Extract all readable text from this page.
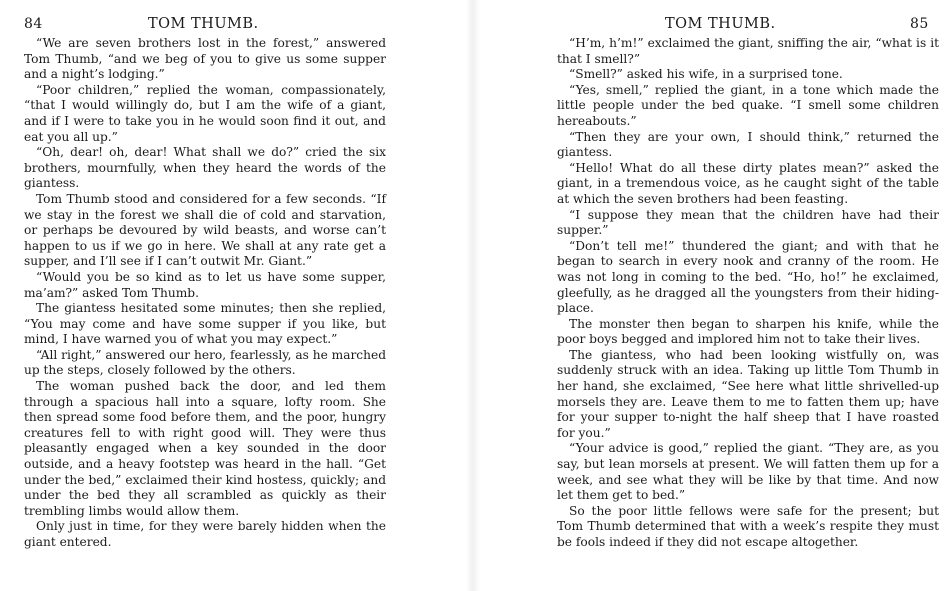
84	TOM THUMB.

“We are seven brothers lost in the forest,” answered Tom Thumb, “and we beg of you to give us some supper and a night’s lodging.”

“Poor children,” replied the woman, compassionately, “that I would willingly do, but I am the wife of a giant, and if I were to take you in he would soon find it out, and eat you all up.”

“Oh, dear! oh, dear! What shall we do?” cried the six brothers, mournfully, when they heard the words of the giantess.

Tom Thumb stood and considered for a few seconds. “If we stay in the forest we shall die of cold and starvation, or perhaps be devoured by wild beasts, and worse can’t happen to us if we go in here. We shall at any rate get a supper, and I’ll see if I can’t outwit Mr. Giant.”

“Would you be so kind as to let us have some supper, ma’am?” asked Tom Thumb.

The giantess hesitated some minutes; then she replied, “You may come and have some supper if you like, but mind, I have warned you of what you may expect.”

“All right,” answered our hero, fearlessly, as he marched up the steps, closely followed by the others.

The woman pushed back the door, and led them through a spacious hall into a square, lofty room. She then spread some food before them, and the poor, hungry creatures fell to with right good will. They were thus pleasantly engaged when a key sounded in the door outside, and a heavy footstep was heard in the hall. “Get under the bed,” exclaimed their kind hostess, quickly; and under the bed they all scrambled as quickly as their trembling limbs would allow them.

Only just in time, for they were barely hidden when the giant entered.

TOM THUMB.	85

“H’m, h’m!” exclaimed the giant, sniffing the air, “what is it that I smell?”

“Smell?” asked his wife, in a surprised tone.

“Yes, smell,” replied the giant, in a tone which made the little people under the bed quake. “I smell some children hereabouts.”

“Then they are your own, I should think,” returned the giantess.

“Hello! What do all these dirty plates mean?” asked the giant, in a tremendous voice, as he caught sight of the table at which the seven brothers had been feasting.

“I suppose they mean that the children have had their supper.”

“Don’t tell me!” thundered the giant; and with that he began to search in every nook and cranny of the room. He was not long in coming to the bed. “Ho, ho!” he exclaimed, gleefully, as he dragged all the youngsters from their hiding-place.

The monster then began to sharpen his knife, while the poor boys begged and implored him not to take their lives.

The giantess, who had been looking wistfully on, was suddenly struck with an idea. Taking up little Tom Thumb in her hand, she exclaimed, “See here what little shrivelled-up morsels they are. Leave them to me to fatten them up; have for your supper to-night the half sheep that I have roasted for you.”

“Your advice is good,” replied the giant. “They are, as you say, but lean morsels at present. We will fatten them up for a week, and see what they will be like by that time. And now let them get to bed.”

So the poor little fellows were safe for the present; but Tom Thumb determined that with a week’s respite they must be fools indeed if they did not escape altogether.
